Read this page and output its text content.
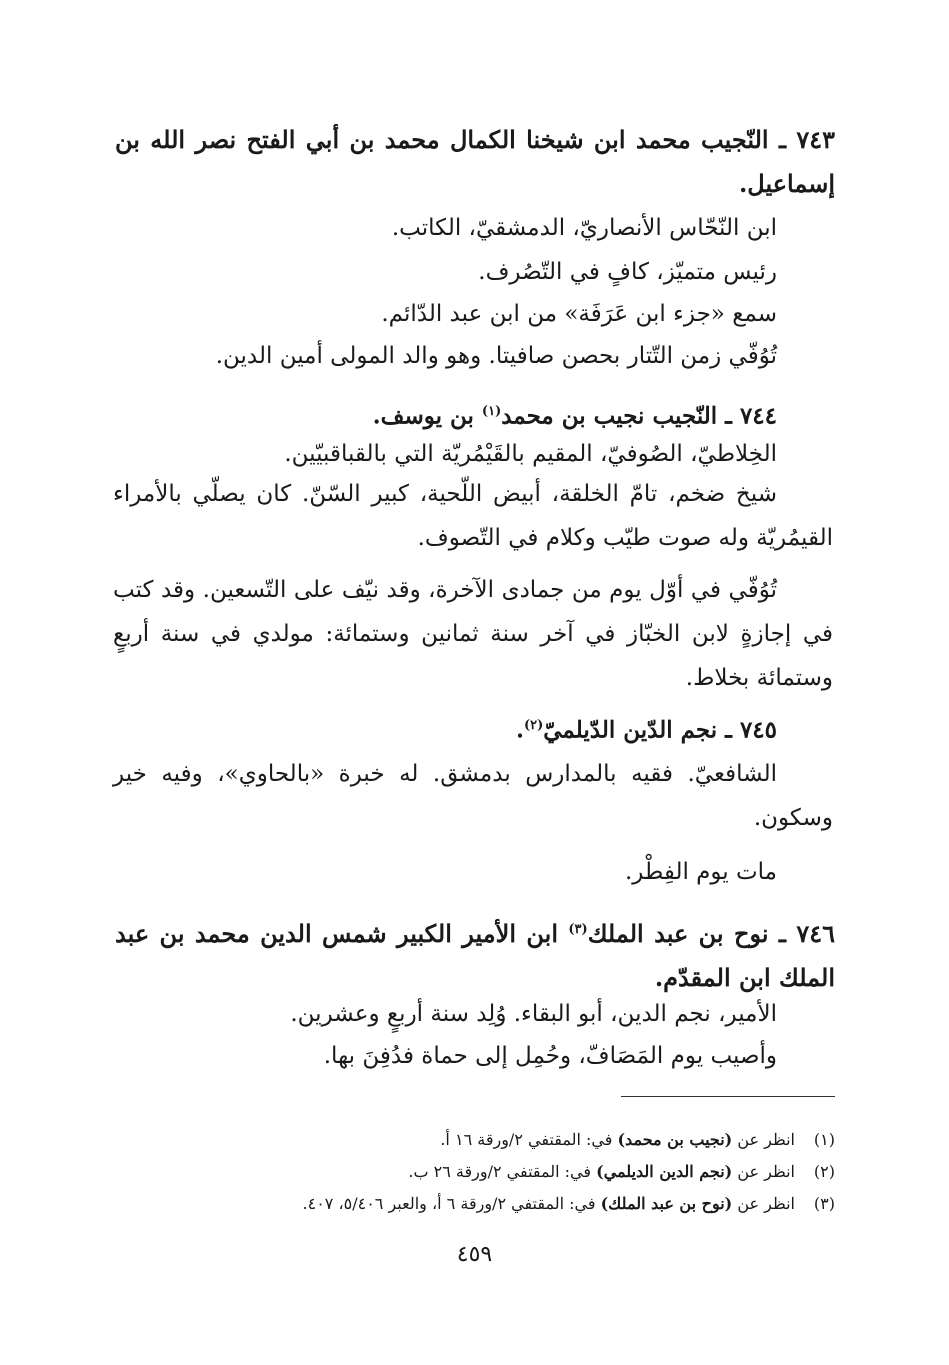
٧٤٣ ـ النّجيب محمد ابن شيخنا الكمال محمد بن أبي الفتح نصر الله بن إسماعيل.
ابن النّحّاس الأنصاريّ، الدمشقيّ، الكاتب.
رئيس متميّز، كافٍ في التّصُرف.
سمع «جزء ابن عَرَفَة» من ابن عبد الدّائم.
تُوُفّي زمن التّتار بحصن صافيتا. وهو والد المولى أمين الدين.
٧٤٤ ـ النّجيب نجيب بن محمد$^{(١)}$ بن يوسف.
الخِلاطيّ، الصُوفيّ، المقيم بالقَيْمُريّة التي بالقباقبيّين.
شيخ ضخم، تامّ الخلقة، أبيض اللّحية، كبير السّنّ. كان يصلّي بالأمراء القيمُريّة وله صوت طيّب وكلام في التّصوف.
تُوُفّي في أوّل يوم من جمادى الآخرة، وقد نيّف على التّسعين. وقد كتب في إجازةٍ لابن الخبّاز في آخر سنة ثمانين وستمائة: مولدي في سنة أربعٍ وستمائة بخلاط.
٧٤٥ ـ نجم الدّين الدّيلميّ$^{(٢)}$.
الشافعيّ. فقيه بالمدارس بدمشق. له خبرة «بالحاوي»، وفيه خير وسكون.
مات يوم الفِطْر.
٧٤٦ ـ نوح بن عبد الملك$^{(٣)}$ ابن الأمير الكبير شمس الدين محمد بن عبد الملك ابن المقدّم.
الأمير، نجم الدين، أبو البقاء. وُلِد سنة أربعٍ وعشرين.
وأصيب يوم المَصَافّ، وحُمِل إلى حماة فدُفِنَ بها.
(١)انظر عن (نجيب بن محمد) في: المقتفي ٢/ورقة ١٦ أ.
(٢)انظر عن (نجم الدين الديلمي) في: المقتفي ٢/ورقة ٢٦ ب.
(٣)انظر عن (نوح بن عبد الملك) في: المقتفي ٢/ورقة ٦ أ، والعبر ٥/٤٠٦، ٤٠٧.
٤٥٩
